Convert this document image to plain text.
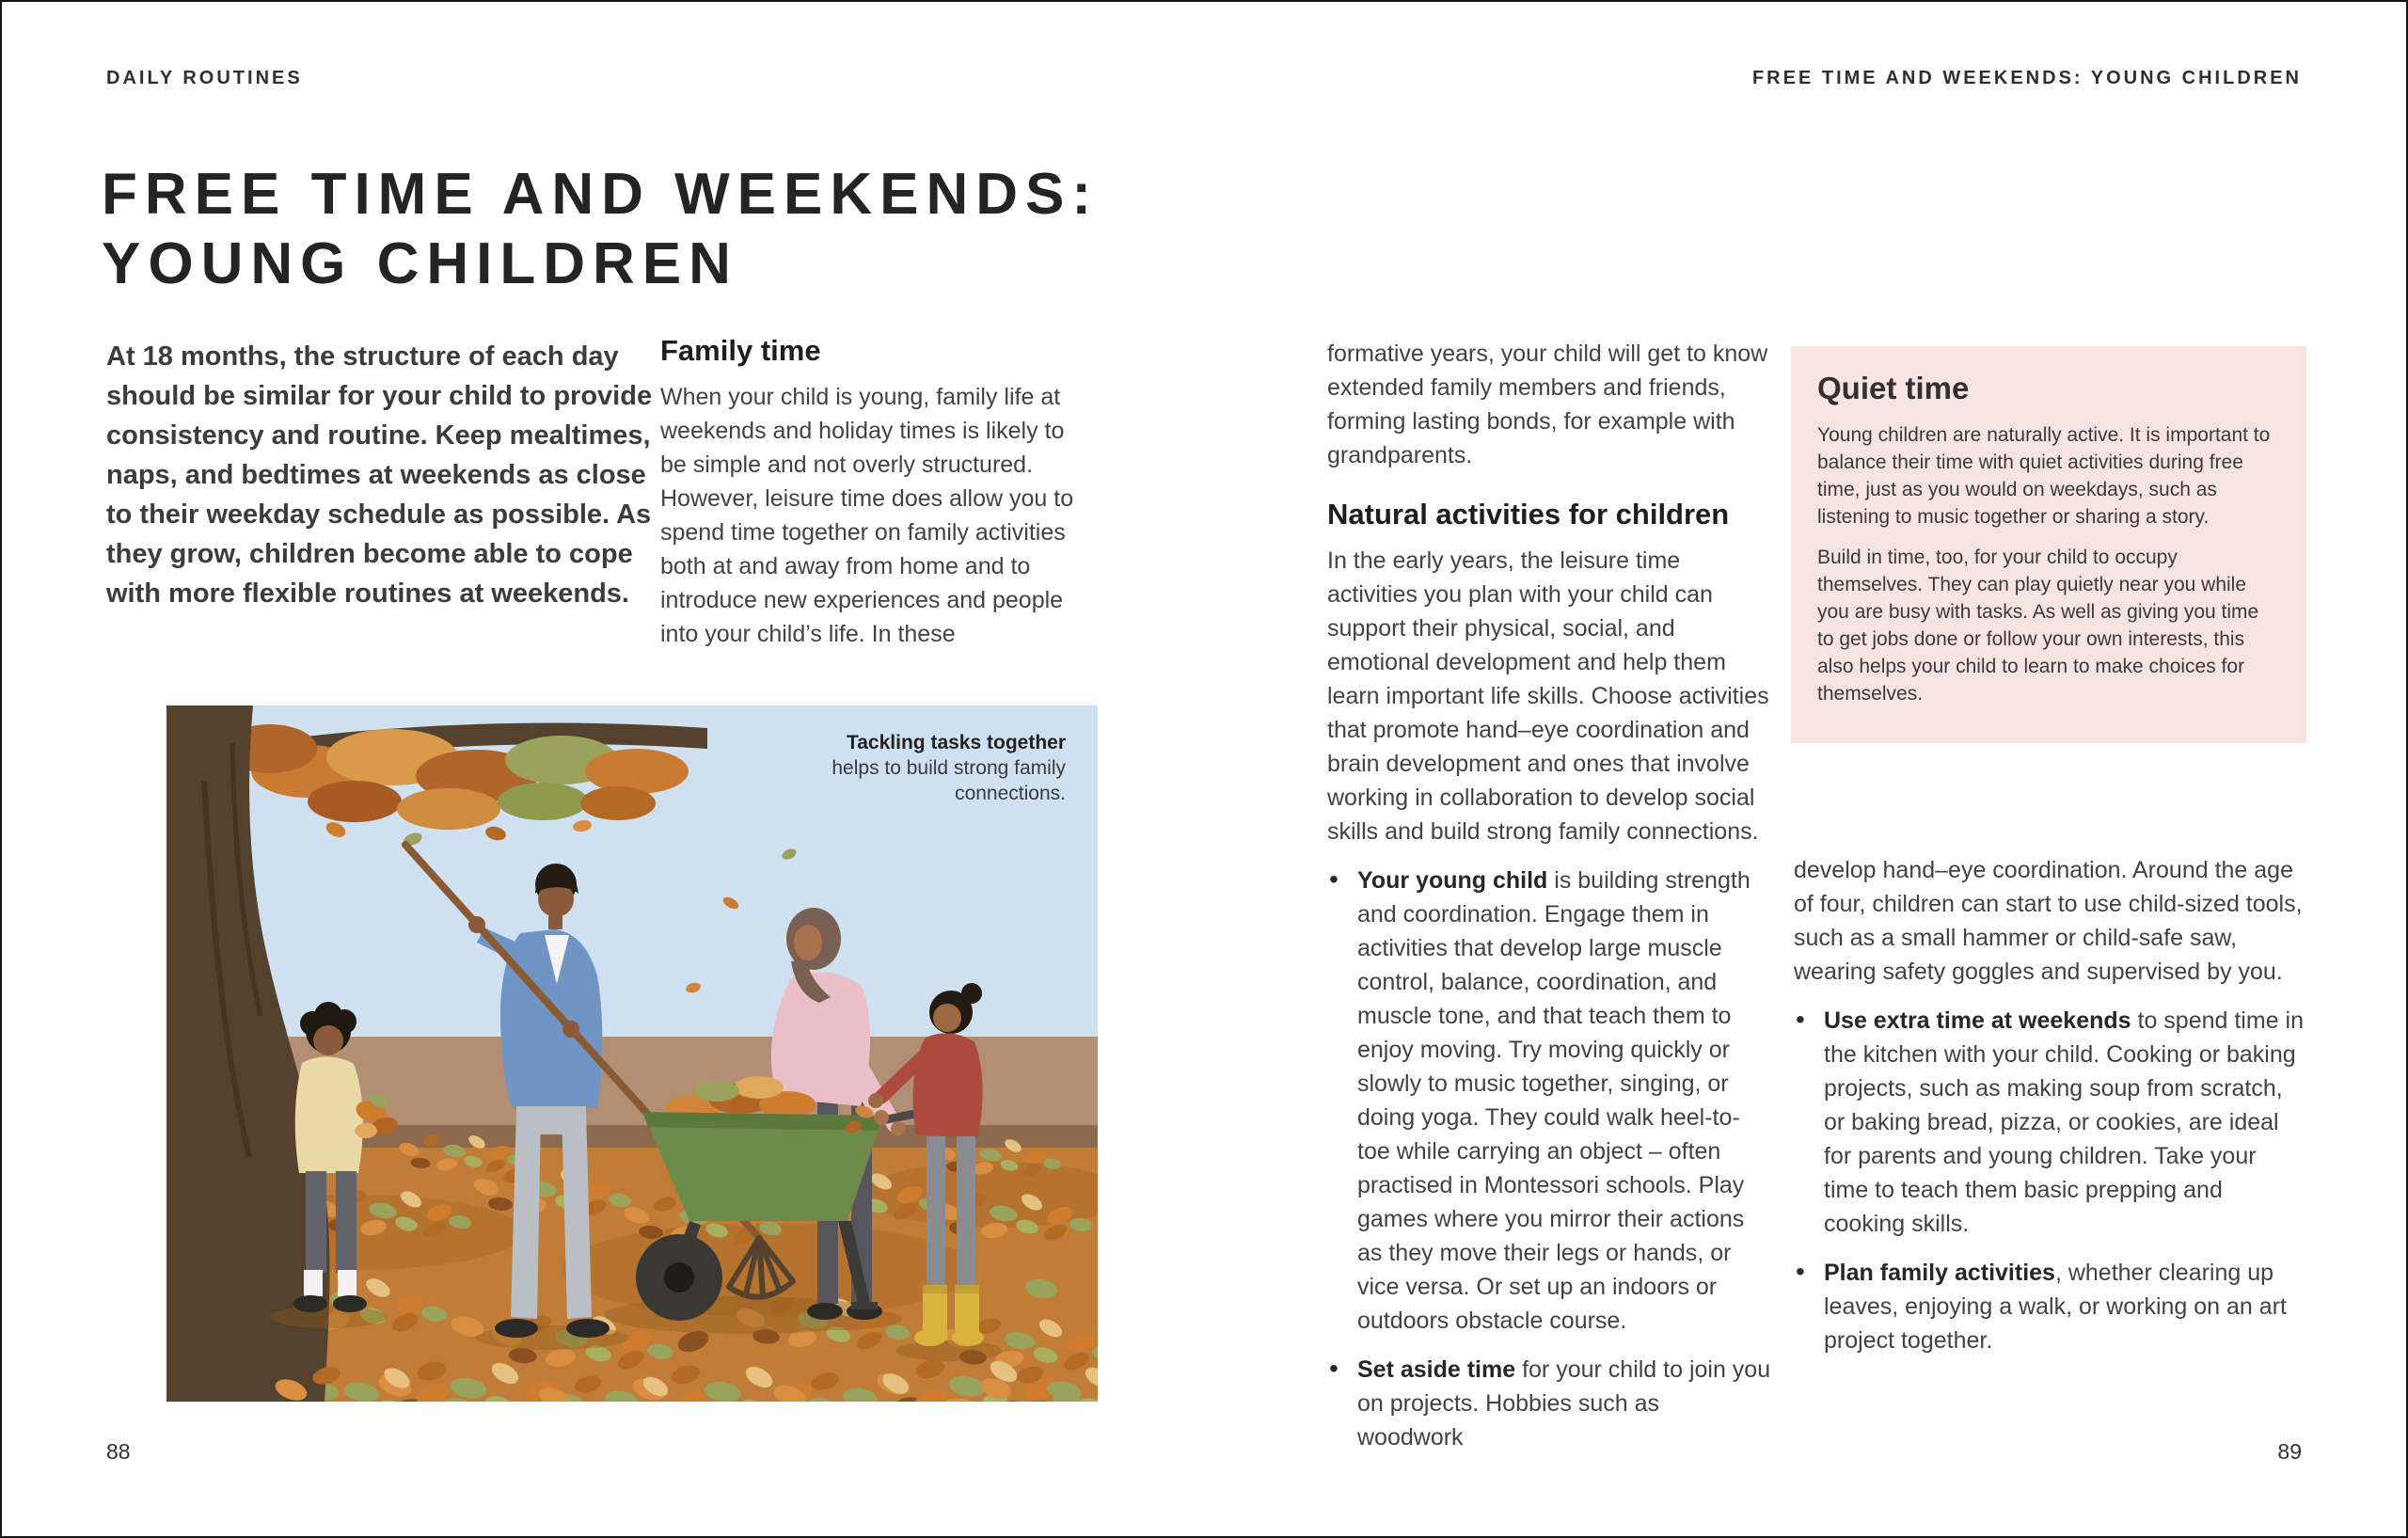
DAILY ROUTINES
FREE TIME AND WEEKENDS:
YOUNG CHILDREN
At 18 months, the structure of each day should be similar for your child to provide consistency and routine. Keep mealtimes, naps, and bedtimes at weekends as close to their weekday schedule as possible. As they grow, children become able to cope with more flexible routines at weekends.
Family time

When your child is young, family life at weekends and holiday times is likely to be simple and not overly structured. However, leisure time does allow you to spend time together on family activities both at and away from home and to introduce new experiences and people into your child’s life. In these

Tackling tasks together
helps to build strong family connections.
88
FREE TIME AND WEEKENDS: YOUNG CHILDREN

formative years, your child will get to know extended family members and friends, forming lasting bonds, for example with grandparents.

Natural activities for children

In the early years, the leisure time activities you plan with your child can support their physical, social, and emotional development and help them learn important life skills. Choose activities that promote hand–eye coordination and brain development and ones that involve working in collaboration to develop social skills and build strong family connections.

• Your young child is building strength and coordination. Engage them in activities that develop large muscle control, balance, coordination, and muscle tone, and that teach them to enjoy moving. Try moving quickly or slowly to music together, singing, or doing yoga. They could walk heel-to-toe while carrying an object – often practised in Montessori schools. Play games where you mirror their actions as they move their legs or hands, or vice versa. Or set up an indoors or outdoors obstacle course.
• Set aside time for your child to join you on projects. Hobbies such as woodwork
Quiet time

Young children are naturally active. It is important to balance their time with quiet activities during free time, just as you would on weekdays, such as listening to music together or sharing a story.

Build in time, too, for your child to occupy themselves. They can play quietly near you while you are busy with tasks. As well as giving you time to get jobs done or follow your own interests, this also helps your child to learn to make choices for themselves.

develop hand–eye coordination. Around the age of four, children can start to use child-sized tools, such as a small hammer or child-safe saw, wearing safety goggles and supervised by you.

• Use extra time at weekends to spend time in the kitchen with your child. Cooking or baking projects, such as making soup from scratch, or baking bread, pizza, or cookies, are ideal for parents and young children. Take your time to teach them basic prepping and cooking skills.
• Plan family activities, whether clearing up leaves, enjoying a walk, or working on an art project together.
89
